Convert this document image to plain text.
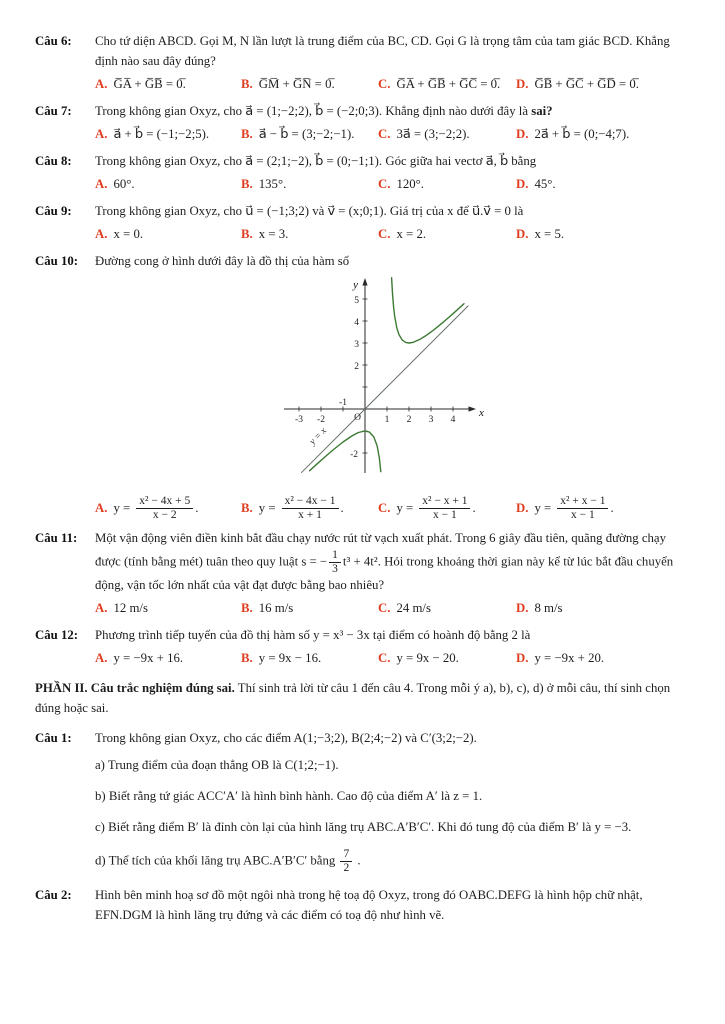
Câu 6:	Cho tứ diện ABCD. Gọi M, N lần lượt là trung điểm của BC, CD. Gọi G là trọng tâm của tam giác BCD. Khẳng định nào sau đây đúng?

A. G̅A̅ + G̅B̅ = 0̅.	B. G̅M̅ + G̅N̅ = 0̅.	C. G̅A̅ + G̅B̅ + G̅C̅ = 0̅.	D. G̅B̅ + G̅C̅ + G̅D̅ = 0̅.
Câu 7:	Trong không gian Oxyz, cho a⃗ = (1;−2;2), b⃗ = (−2;0;3). Khẳng định nào dưới đây là sai?

A. a⃗ + b⃗ = (−1;−2;5).	B. a⃗ − b⃗ = (3;−2;−1).	C. 3a⃗ = (3;−2;2).	D. 2a⃗ + b⃗ = (0;−4;7).
Câu 8:	Trong không gian Oxyz, cho a⃗ = (2;1;−2), b⃗ = (0;−1;1). Góc giữa hai vectơ a⃗, b⃗ bằng

A. 60°.	B. 135°.	C. 120°.	D. 45°.
Câu 9:	Trong không gian Oxyz, cho u⃗ = (−1;3;2) và v⃗ = (x;0;1). Giá trị của x để u⃗.v⃗ = 0 là

A. x = 0.	B. x = 3.	C. x = 2.	D. x = 5.
Câu 10:	Đường cong ở hình dưới đây là đồ thị của hàm số

-3 -2
-1
1 2 3 4
5
4
3
2
-2
O	x
y
y = x
A. $y = \frac{\text{x² − 4x + 5}}{x - 2}$ .	B. $y = \frac{\text{x² − 4x − 1}}{x + 1}$ .	C. $y = \frac{\text{x² − x + 1}}{x - 1}$ .	D. $y = \frac{\text{x² + x − 1}}{x - 1}$ .
Câu 11:	Một vận động viên điền kinh bắt đầu chạy nước rút từ vạch xuất phát. Trong 6 giây đầu tiên, quãng đường chạy được (tính bằng mét) tuân theo quy luật s = − $\frac{1}{3} t^3 + 4t^2$. Hỏi trong khoảng thời gian này kể từ lúc bắt đầu chuyển động, vận tốc lớn nhất của vật đạt được bằng bao nhiêu?

A. 12 m/s	B. 16 m/s	C. 24 m/s	D. 8 m/s
Câu 12:	Phương trình tiếp tuyến của đồ thị hàm số y = x³ − 3x tại điểm có hoành độ bằng 2 là

A. y = −9x + 16.	B. y = 9x − 16.	C. y = 9x − 20.	D. y = −9x + 20.

PHẦN II. Câu trắc nghiệm đúng sai. Thí sinh trả lời từ câu 1 đến câu 4. Trong mỗi ý a), b), c), d) ở mỗi câu, thí sinh chọn đúng hoặc sai.

Câu 1:	Trong không gian Oxyz, cho các điểm A(1;−3;2), B(2;4;−2) và C′(3;2;−2).

a) Trung điểm của đoạn thẳng OB là C(1;2;−1).

b) Biết rằng tứ giác ACC′A′ là hình bình hành. Cao độ của điểm A′ là z = 1.

c) Biết rằng điểm B′ là đỉnh còn lại của hình lăng trụ ABC.A′B′C′. Khi đó tung độ của điểm B′ là y = −3.

d) Thể tích của khối lăng trụ ABC.A′B′C′ bằng $\frac{7}{2}$ .

Câu 2:	Hình bên minh hoạ sơ đồ một ngôi nhà trong hệ toạ độ Oxyz, trong đó OABC.DEFG là hình hộp chữ nhật, EFN.DGM là hình lăng trụ đứng và các điểm có toạ độ như hình vẽ.
